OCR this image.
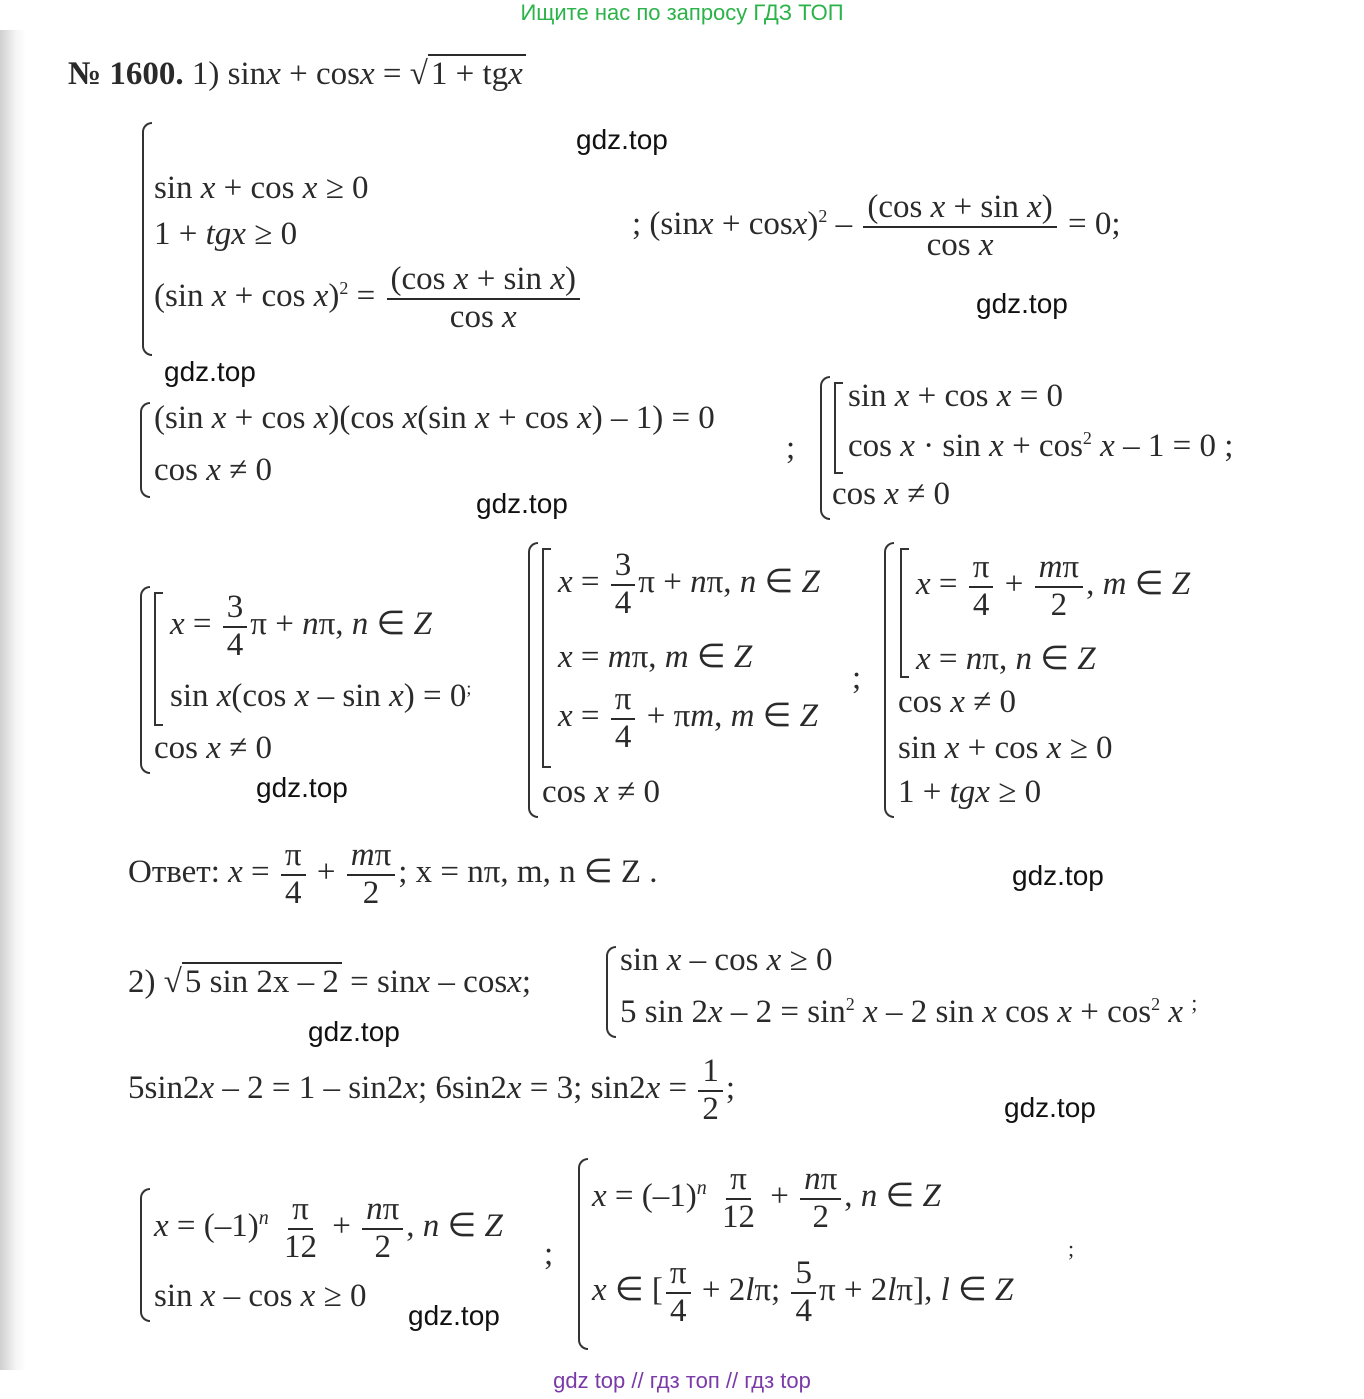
Ищите нас по запросу ГДЗ ТОП
№ 1600. 1) sinx + cosx = √1 + tgx
gdz.top
gdz.top
gdz.top
gdz.top
gdz.top
gdz.top
gdz.top
gdz.top
gdz.top
sin x + cos x ≥ 0
1 + tgx ≥ 0
(sin $x + \cos x)^2 = \frac{\text{(cos x + sin x)}}{\text{cos x}}$
; $(\sin x + \cos x)^2 - \frac{\text{(cos x + sin x)}}{\text{cos x}} = 0$;
(sin x + cos x)(cos x(sin x + cos x) – 1) = 0
cos x ≠ 0
;
sin x + cos x = 0
$\cos x \cdot \sin x + \cos^2 x - 1 = 0$ ;
cos x ≠ 0
$x = \frac{3}{4}$ π + nπ, n ∈ Z
sin x(cos x – sin x) = 0;
cos x ≠ 0
$x = \frac{3}{4}$ π + nπ, n ∈ Z
x = mπ, m ∈ Z
$x = \frac{\pi}{4} + \pi m$, m ∈ Z
cos x ≠ 0
;
$x = \frac{\pi}{4} + \frac{m\pi}{2}$ , m ∈ Z
x = nπ, n ∈ Z
cos x ≠ 0
sin x + cos x ≥ 0
1 + tgx ≥ 0
Ответ: $x = \frac{\pi}{4} + \frac{m\pi}{2}$ ; x = nπ, m, n ∈ Z .
2) √5 sin 2x – 2 = sinx – cosx;
sin x – cos x ≥ 0
5 $\sin 2x - 2 = \sin^2 x - 2$ sin x $\cos x + \cos^2 x$ ;
5sin2x – 2 = 1 – sin2x; 6sin2x = 3; $\sin 2x = \frac{1}{2}$ ;
$x = (-1)^n \frac{\pi}{12} + \frac{n\pi}{2}$ , n ∈ Z
sin x – cos x ≥ 0
;
$x = (-1)^n \frac{\pi}{12} + \frac{n\pi}{2}$ , n ∈ Z
x ∈ [ $\frac{\pi}{4} + 2l\pi$; $\frac{5}{4}$ π + 2lπ], l ∈ Z
;
gdz top // гдз топ // гдз top
